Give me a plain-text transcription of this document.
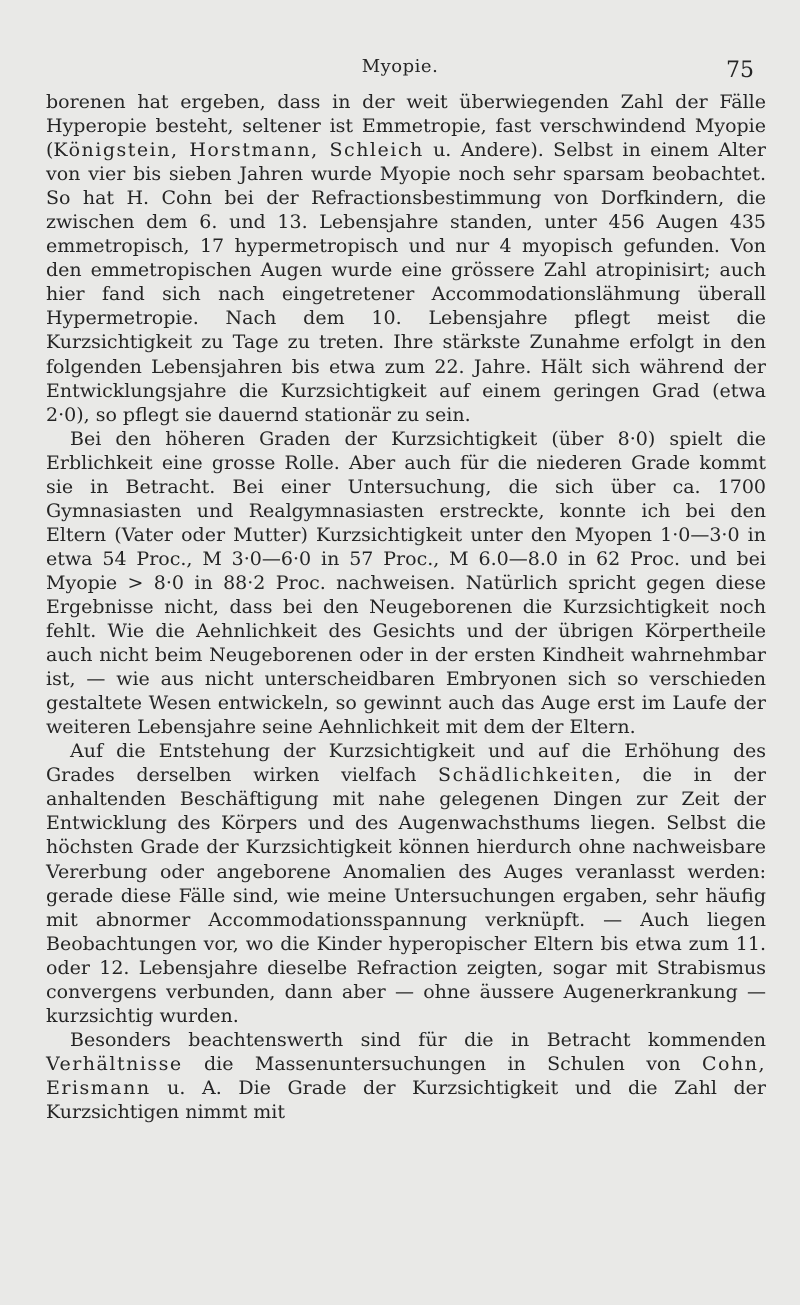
Myopie.	75

borenen hat ergeben, dass in der weit überwiegenden Zahl der Fälle Hyperopie besteht, seltener ist Emmetropie, fast verschwindend Myopie (Königstein, Horstmann, Schleich u. Andere). Selbst in einem Alter von vier bis sieben Jahren wurde Myopie noch sehr sparsam beobachtet. So hat H. Cohn bei der Refractionsbestimmung von Dorfkindern, die zwischen dem 6. und 13. Lebensjahre standen, unter 456 Augen 435 emmetropisch, 17 hypermetropisch und nur 4 myopisch gefunden. Von den emmetropischen Augen wurde eine grössere Zahl atropinisirt; auch hier fand sich nach eingetretener Accommodationslähmung überall Hypermetropie. Nach dem 10. Lebensjahre pflegt meist die Kurzsichtigkeit zu Tage zu treten. Ihre stärkste Zunahme erfolgt in den folgenden Lebensjahren bis etwa zum 22. Jahre. Hält sich während der Entwicklungsjahre die Kurzsichtigkeit auf einem geringen Grad (etwa 2·0), so pflegt sie dauernd stationär zu sein.

Bei den höheren Graden der Kurzsichtigkeit (über 8·0) spielt die Erblichkeit eine grosse Rolle. Aber auch für die niederen Grade kommt sie in Betracht. Bei einer Untersuchung, die sich über ca. 1700 Gymnasiasten und Realgymnasiasten erstreckte, konnte ich bei den Eltern (Vater oder Mutter) Kurzsichtigkeit unter den Myopen 1·0—3·0 in etwa 54 Proc., M 3·0—6·0 in 57 Proc., M 6.0—8.0 in 62 Proc. und bei Myopie > 8·0 in 88·2 Proc. nachweisen. Natürlich spricht gegen diese Ergebnisse nicht, dass bei den Neugeborenen die Kurzsichtigkeit noch fehlt. Wie die Aehnlichkeit des Gesichts und der übrigen Körpertheile auch nicht beim Neugeborenen oder in der ersten Kindheit wahrnehmbar ist, — wie aus nicht unterscheidbaren Embryonen sich so verschieden gestaltete Wesen entwickeln, so gewinnt auch das Auge erst im Laufe der weiteren Lebensjahre seine Aehnlichkeit mit dem der Eltern.

Auf die Entstehung der Kurzsichtigkeit und auf die Erhöhung des Grades derselben wirken vielfach Schädlichkeiten, die in der anhaltenden Beschäftigung mit nahe gelegenen Dingen zur Zeit der Entwicklung des Körpers und des Augenwachsthums liegen. Selbst die höchsten Grade der Kurzsichtigkeit können hierdurch ohne nachweisbare Vererbung oder angeborene Anomalien des Auges veranlasst werden: gerade diese Fälle sind, wie meine Untersuchungen ergaben, sehr häufig mit abnormer Accommodationsspannung verknüpft. — Auch liegen Beobachtungen vor, wo die Kinder hyperopischer Eltern bis etwa zum 11. oder 12. Lebensjahre dieselbe Refraction zeigten, sogar mit Strabismus convergens verbunden, dann aber — ohne äussere Augenerkrankung — kurzsichtig wurden.

Besonders beachtenswerth sind für die in Betracht kommenden Verhältnisse die Massenuntersuchungen in Schulen von Cohn, Erismann u. A. Die Grade der Kurzsichtigkeit und die Zahl der Kurzsichtigen nimmt mit
